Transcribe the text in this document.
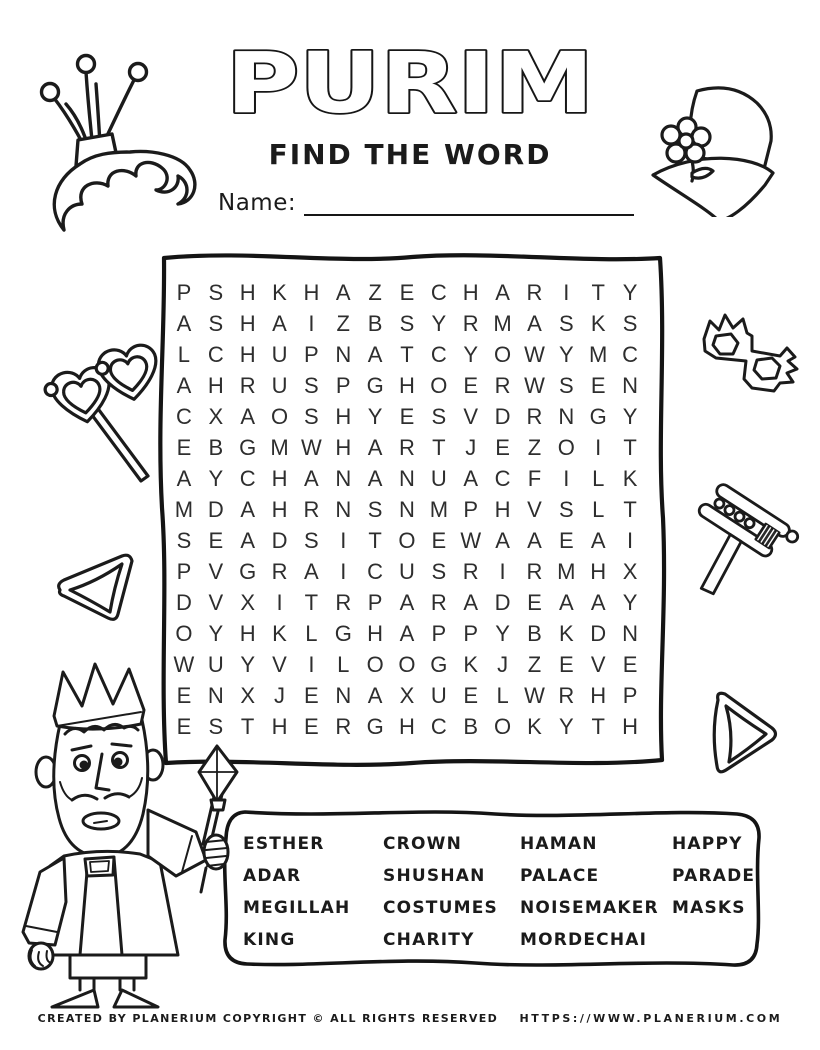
PURIM
FIND THE WORD
Name:
P S H K H A Z E C H A R I	T Y
A S H A I	Z B S Y R M A S K S
L C H U P N A T C Y O W Y M C
A H R U S P G H O E R W S E N
C X A O S H Y E S V D R N G Y
E B G M W H A R T J E Z O I	T
A Y C H A N A N U A C F	I	L K
M D A H R N S N M P H V S L T
S E A D S I	T O E W A A E A I
P V G R A I C U S R I R M H X
D V X I	T R P A R A D E A A Y
O Y H K L G H A P P Y B K D N
W U Y V I	L O O G K J Z E V E
E N X J E N A X U E L W R H P
E S T H E R G H C B O K Y T H
ESTHER
ADAR
MEGILLAH
KING
CROWN
SHUSHAN
COSTUMES
CHARITY
HAMAN
PALACE
NOISEMAKER
MORDECHAI
HAPPY
PARADE
MASKS
CREATED BY PLANERIUM COPYRIGHT © ALL RIGHTS RESERVED HTTPS://WWW.PLANERIUM.COM
